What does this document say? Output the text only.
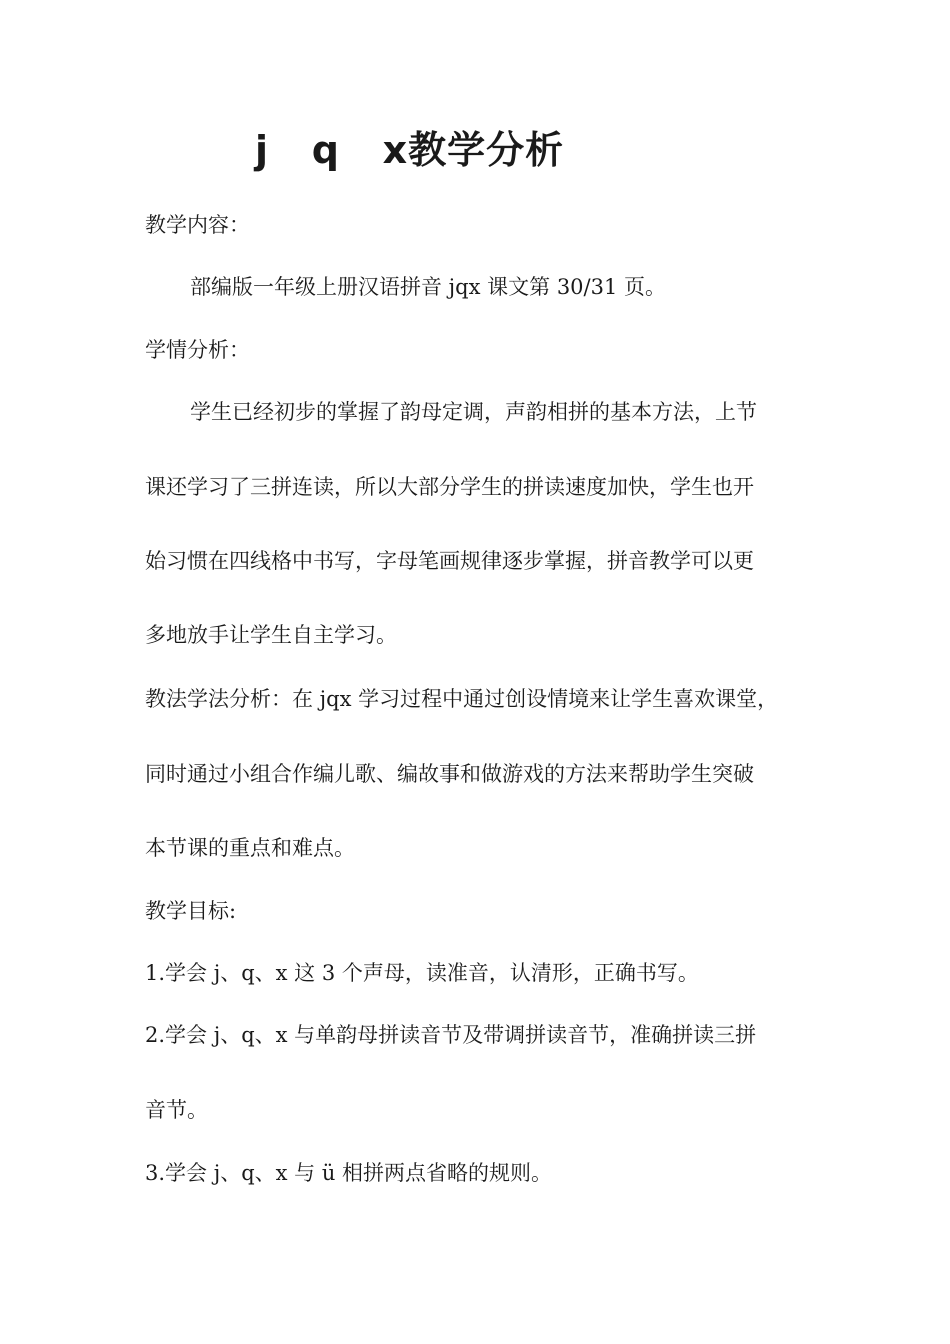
j   q   x教学分析
教学内容：
部编版一年级上册汉语拼音 jqx 课文第 30/31 页。
学情分析：
学生已经初步的掌握了韵母定调，声韵相拼的基本方法，上节
课还学习了三拼连读，所以大部分学生的拼读速度加快，学生也开
始习惯在四线格中书写，字母笔画规律逐步掌握，拼音教学可以更
多地放手让学生自主学习。
教法学法分析：在 jqx 学习过程中通过创设情境来让学生喜欢课堂，
同时通过小组合作编儿歌、编故事和做游戏的方法来帮助学生突破
本节课的重点和难点。
教学目标:
1.学会 j、q、x 这 3 个声母，读准音，认清形，正确书写。
2.学会 j、q、x 与单韵母拼读音节及带调拼读音节，准确拼读三拼
音节。
3.学会 j、q、x 与 ü 相拼两点省略的规则。
